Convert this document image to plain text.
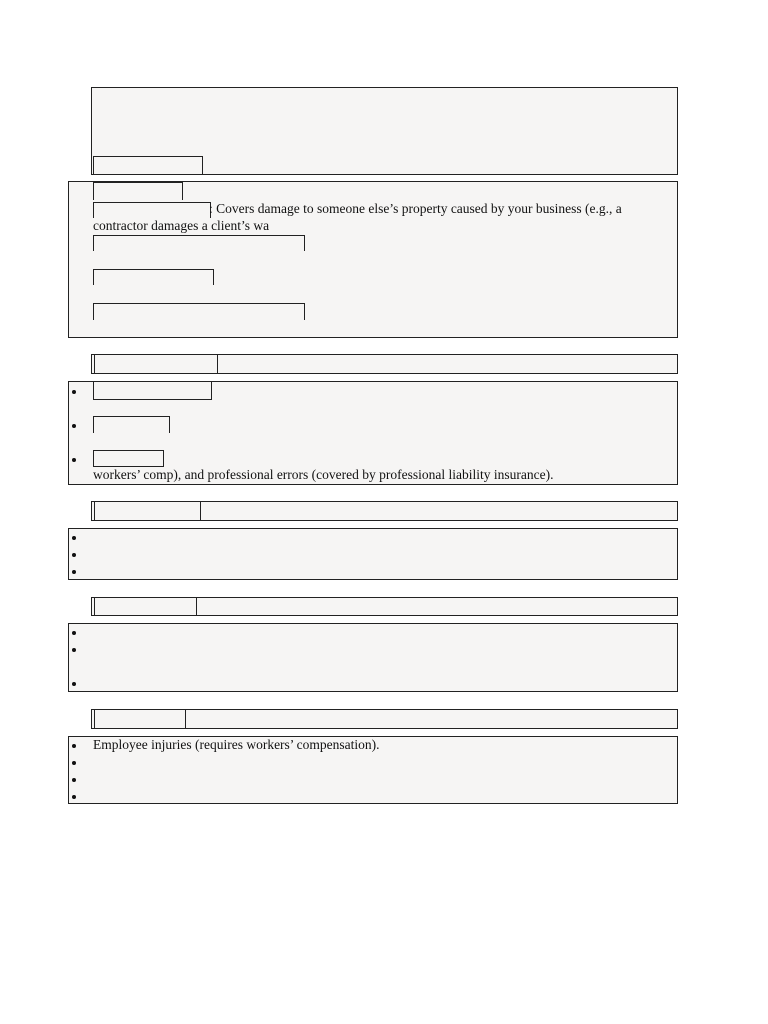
: Covers damage to someone else’s property caused by your business (e.g., a
contractor damages a client’s wa
workers’ comp), and professional errors (covered by professional liability insurance).
Employee injuries (requires workers’ compensation).
